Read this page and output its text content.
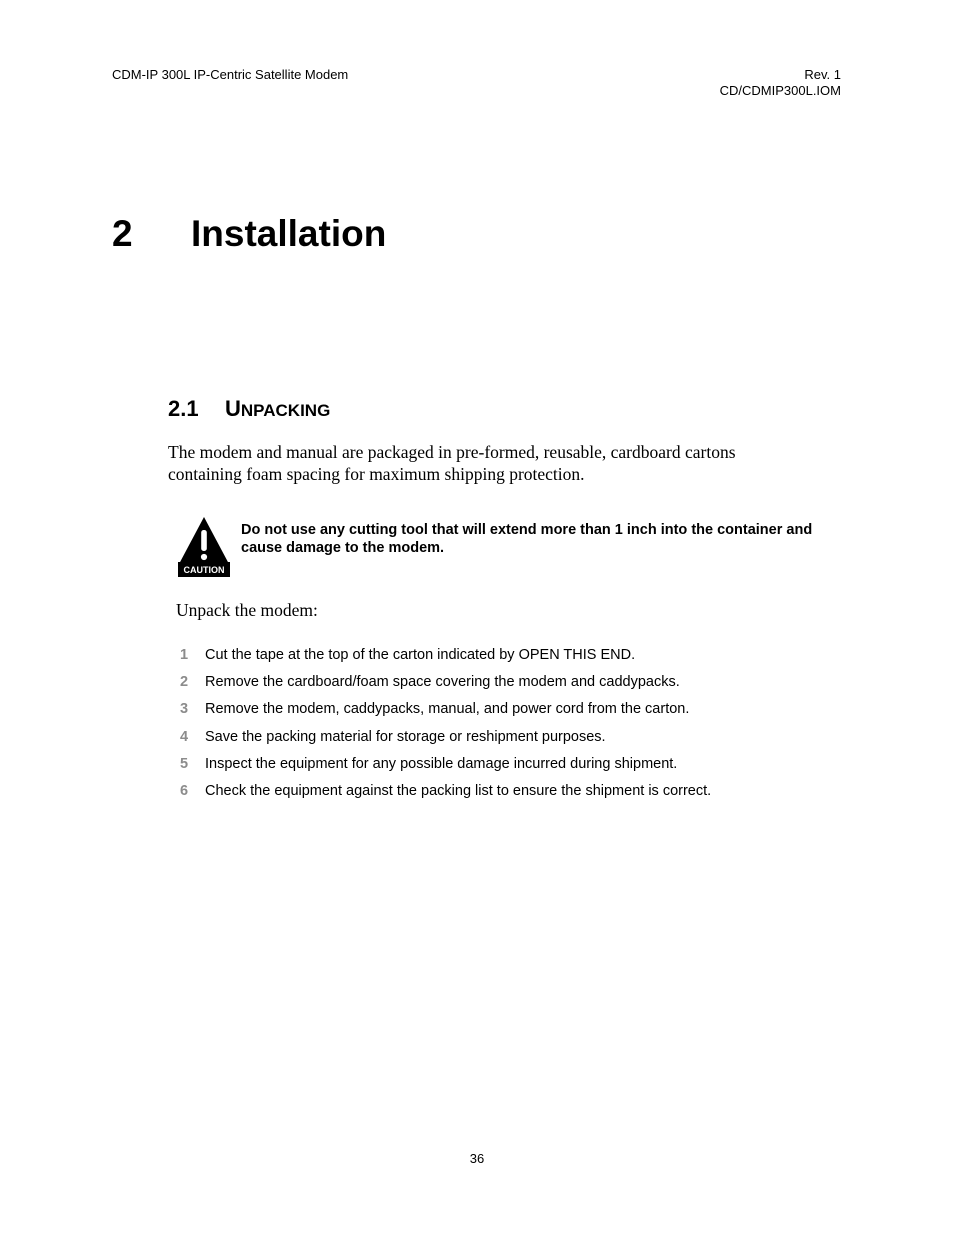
CDM-IP 300L IP-Centric Satellite Modem	Rev. 1
CD/CDMIP300L.IOM
2 Installation
2.1 UNPACKING

The modem and manual are packaged in pre-formed, reusable, cardboard cartons containing foam spacing for maximum shipping protection.

CAUTION
Do not use any cutting tool that will extend more than 1 inch into the container and cause damage to the modem.
Unpack the modem:
1	Cut the tape at the top of the carton indicated by OPEN THIS END.
2	Remove the cardboard/foam space covering the modem and caddypacks.
3	Remove the modem, caddypacks, manual, and power cord from the carton.
4	Save the packing material for storage or reshipment purposes.
5	Inspect the equipment for any possible damage incurred during shipment.
6	Check the equipment against the packing list to ensure the shipment is correct.
36
